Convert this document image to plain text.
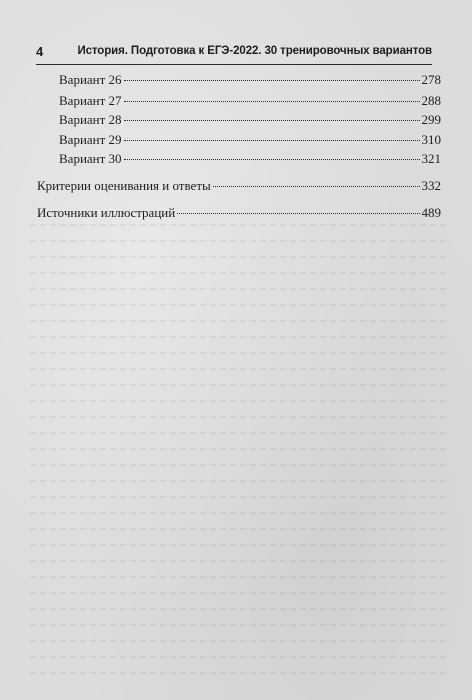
4	История. Подготовка к ЕГЭ-2022. 30 тренировочных вариантов
Вариант 26	278
Вариант 27	288
Вариант 28	299
Вариант 29	310
Вариант 30	321
Критерии оценивания и ответы	332
Источники иллюстраций	489
